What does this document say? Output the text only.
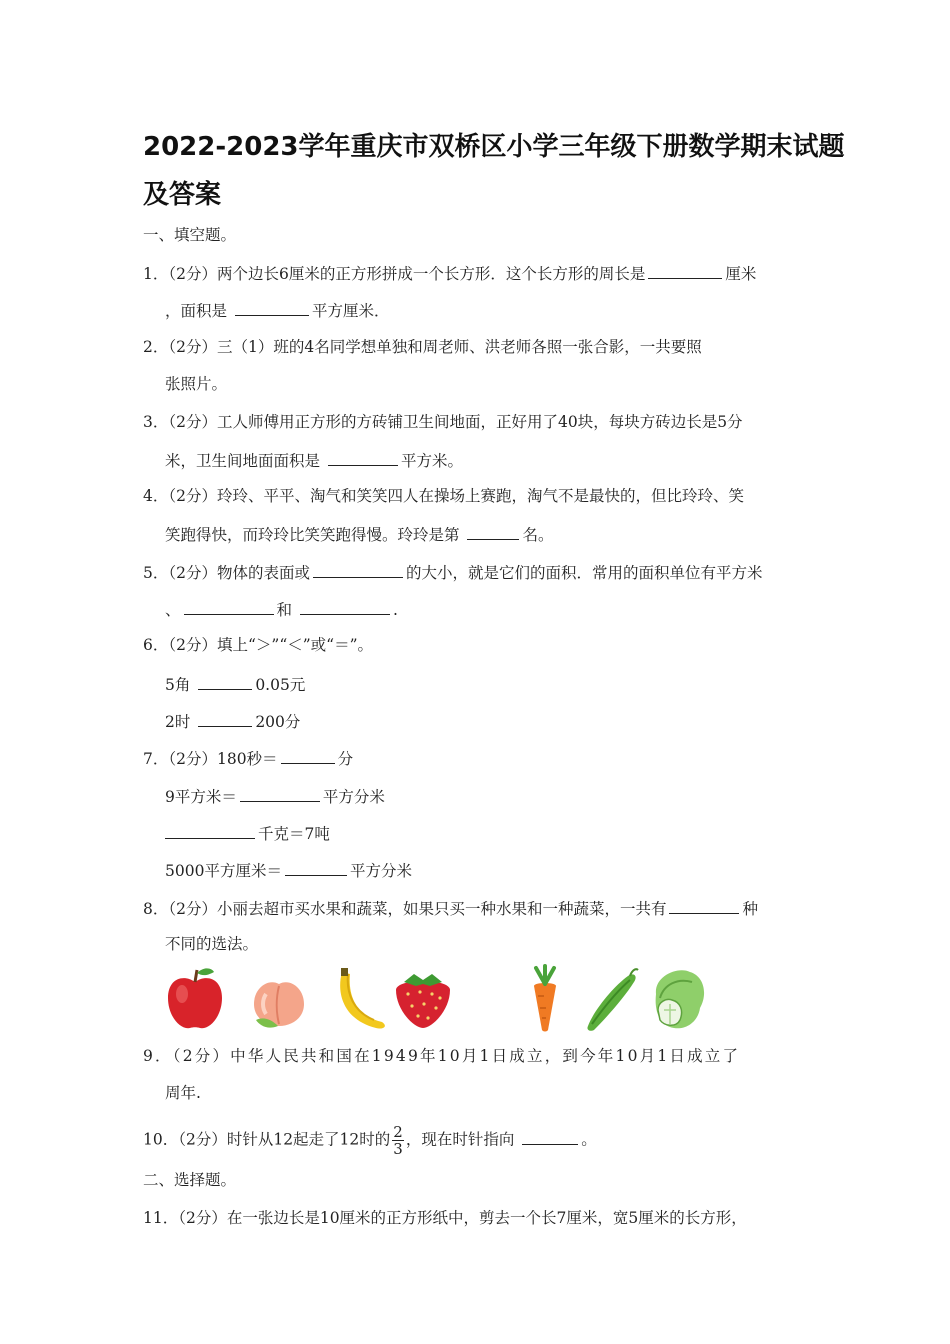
2022-2023学年重庆市双桥区小学三年级下册数学期末试题
及答案
一、填空题。
1．（2分）两个边长6厘米的正方形拼成一个长方形．这个长方形的周长是	厘米
，面积是	平方厘米．
2．（2分）三（1）班的4名同学想单独和周老师、洪老师各照一张合影，一共要照
张照片。
3．（2分）工人师傅用正方形的方砖铺卫生间地面，正好用了40块，每块方砖边长是5分
米，卫生间地面面积是	平方米。
4．（2分）玲玲、平平、淘气和笑笑四人在操场上赛跑，淘气不是最快的，但比玲玲、笑
笑跑得快，而玲玲比笑笑跑得慢。玲玲是第	名。
5．（2分）物体的表面或	的大小，就是它们的面积．常用的面积单位有平方米
、	和	.
6．（2分）填上“＞”“＜”或“＝”。
5角	0.05元
2时	200分
7．（2分）180秒＝	分
9平方米＝	平方分米
千克＝7吨
5000平方厘米＝	平方分米
8．（2分）小丽去超市买水果和蔬菜，如果只买一种水果和一种蔬菜，一共有	种
不同的选法。
9．（2分）中华人民共和国在1949年10月1日成立，到今年10月1日成立了
周年.
10．（2分）时针从12起走了12时的 $\frac{2}{3}$ ，现在时针指向	。
二、选择题。
11．（2分）在一张边长是10厘米的正方形纸中，剪去一个长7厘米，宽5厘米的长方形，
